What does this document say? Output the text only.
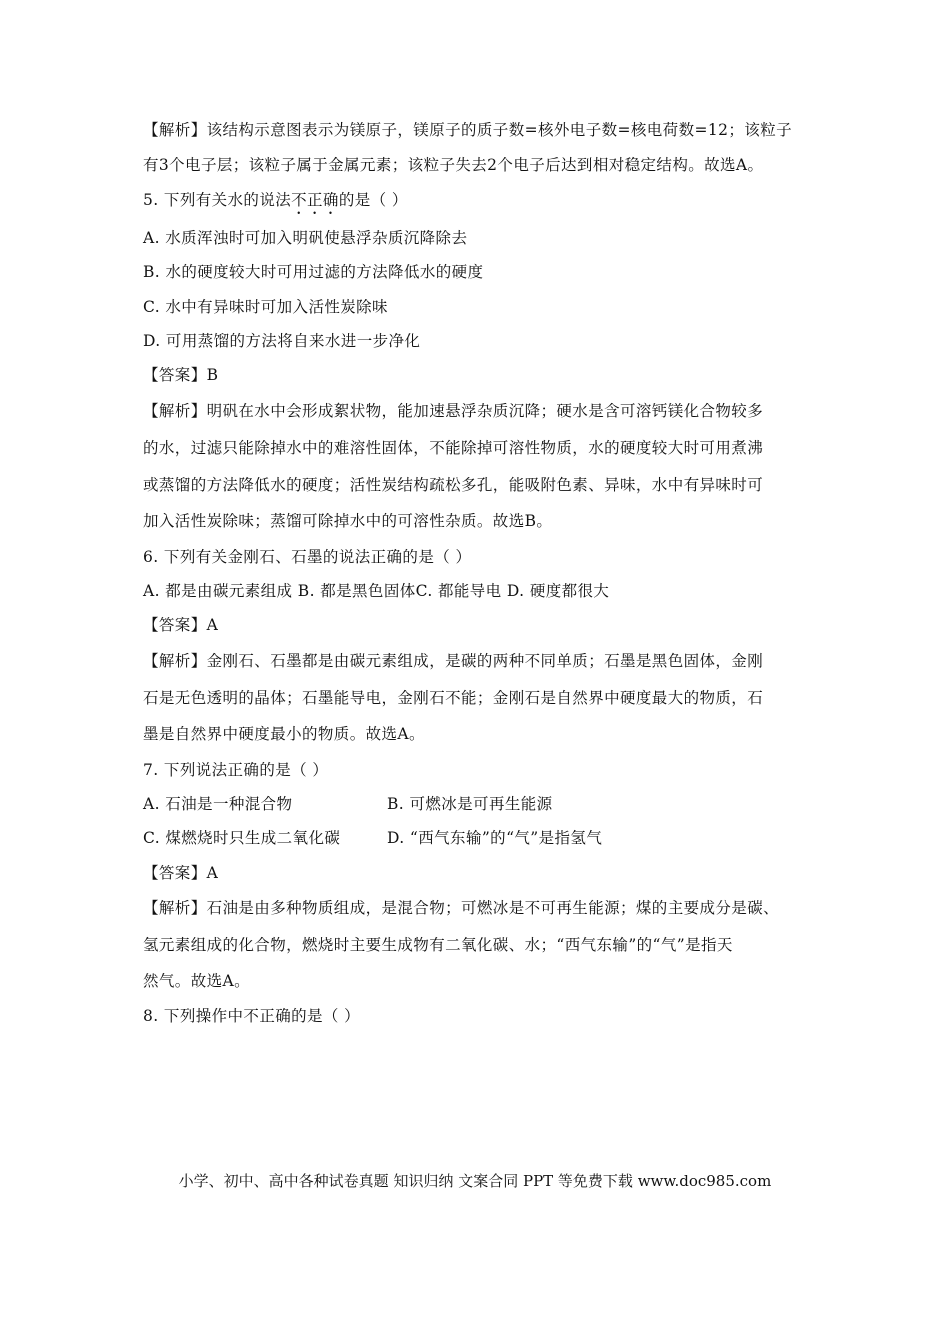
【解析】该结构示意图表示为镁原子，镁原子的质子数=核外电子数=核电荷数=12；该粒子
有3个电子层；该粒子属于金属元素；该粒子失去2个电子后达到相对稳定结构。故选A。
5. 下列有关水的说法不正确的是（ ）
A. 水质浑浊时可加入明矾使悬浮杂质沉降除去
B. 水的硬度较大时可用过滤的方法降低水的硬度
C. 水中有异味时可加入活性炭除味
D. 可用蒸馏的方法将自来水进一步净化
【答案】B
【解析】明矾在水中会形成絮状物，能加速悬浮杂质沉降；硬水是含可溶钙镁化合物较多
的水，过滤只能除掉水中的难溶性固体，不能除掉可溶性物质，水的硬度较大时可用煮沸
或蒸馏的方法降低水的硬度；活性炭结构疏松多孔，能吸附色素、异味，水中有异味时可
加入活性炭除味；蒸馏可除掉水中的可溶性杂质。故选B。
6. 下列有关金刚石、石墨的说法正确的是（ ）
A. 都是由碳元素组成 B. 都是黑色固体C. 都能导电 D. 硬度都很大
【答案】A
【解析】金刚石、石墨都是由碳元素组成，是碳的两种不同单质；石墨是黑色固体，金刚
石是无色透明的晶体；石墨能导电，金刚石不能；金刚石是自然界中硬度最大的物质，石
墨是自然界中硬度最小的物质。故选A。
7. 下列说法正确的是（ ）
A. 石油是一种混合物	B. 可燃冰是可再生能源
C. 煤燃烧时只生成二氧化碳	D. “西气东输”的“气”是指氢气
【答案】A
【解析】石油是由多种物质组成，是混合物；可燃冰是不可再生能源；煤的主要成分是碳、
氢元素组成的化合物，燃烧时主要生成物有二氧化碳、水；“西气东输”的“气”是指天
然气。故选A。
8. 下列操作中不正确的是（ ）
小学、初中、高中各种试卷真题 知识归纳 文案合同 PPT 等免费下载 www.doc985.com
